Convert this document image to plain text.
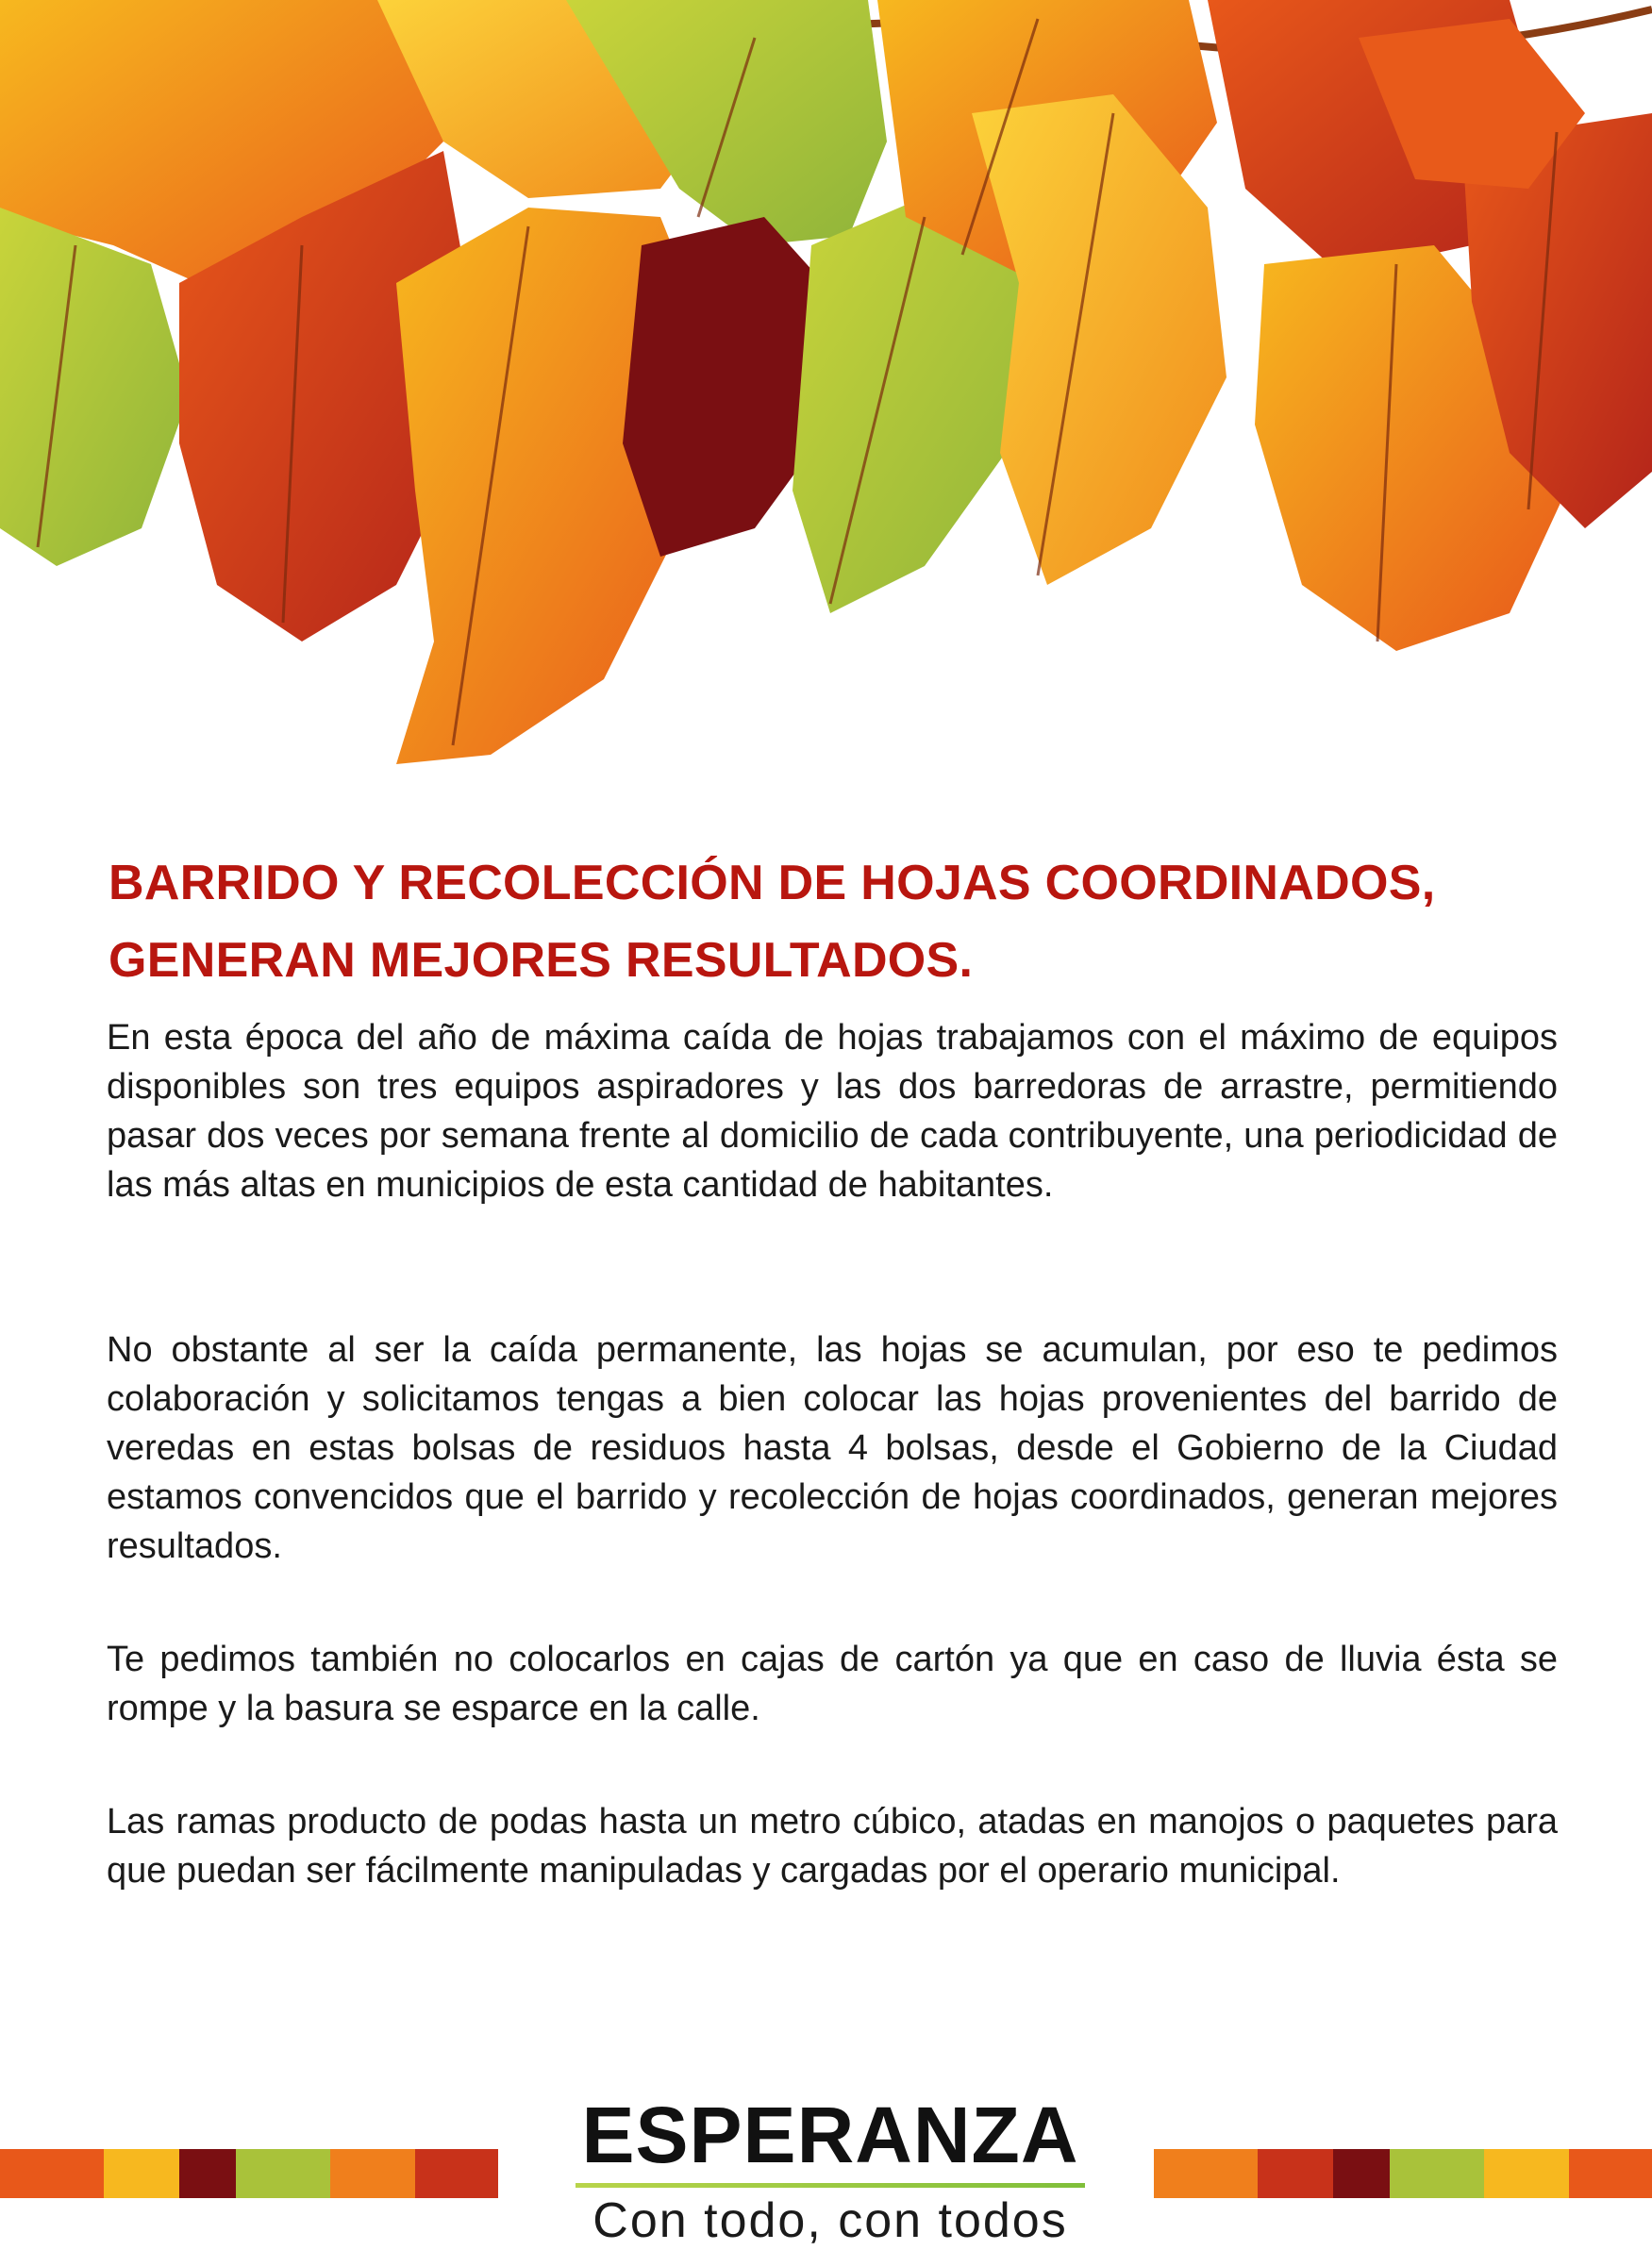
BARRIDO Y RECOLECCIÓN DE HOJAS COORDINADOS,
GENERAN MEJORES RESULTADOS.

En esta época del año de máxima caída de hojas trabajamos con el máximo de equipos disponibles son tres equipos aspiradores y las dos barredoras de arrastre, permitiendo pasar dos veces por semana frente al domicilio de cada contribuyente, una periodicidad de las más altas en municipios de esta cantidad de habitantes.

No obstante al ser la caída permanente, las hojas se acumulan, por eso te pedimos colaboración y solicitamos tengas a bien colocar las hojas provenientes del barrido de veredas en estas bolsas de residuos hasta 4 bolsas, desde el Gobierno de la Ciudad estamos convencidos que el barrido y recolección de hojas coordinados, generan mejores resultados.

Te pedimos también no colocarlos en cajas de cartón ya que en caso de lluvia ésta se rompe y la basura se esparce en la calle.

Las ramas producto de podas hasta un metro cúbico, atadas en manojos o paquetes para que puedan ser fácilmente manipuladas y cargadas por el operario municipal.

ESPERANZA
Con todo, con todos
